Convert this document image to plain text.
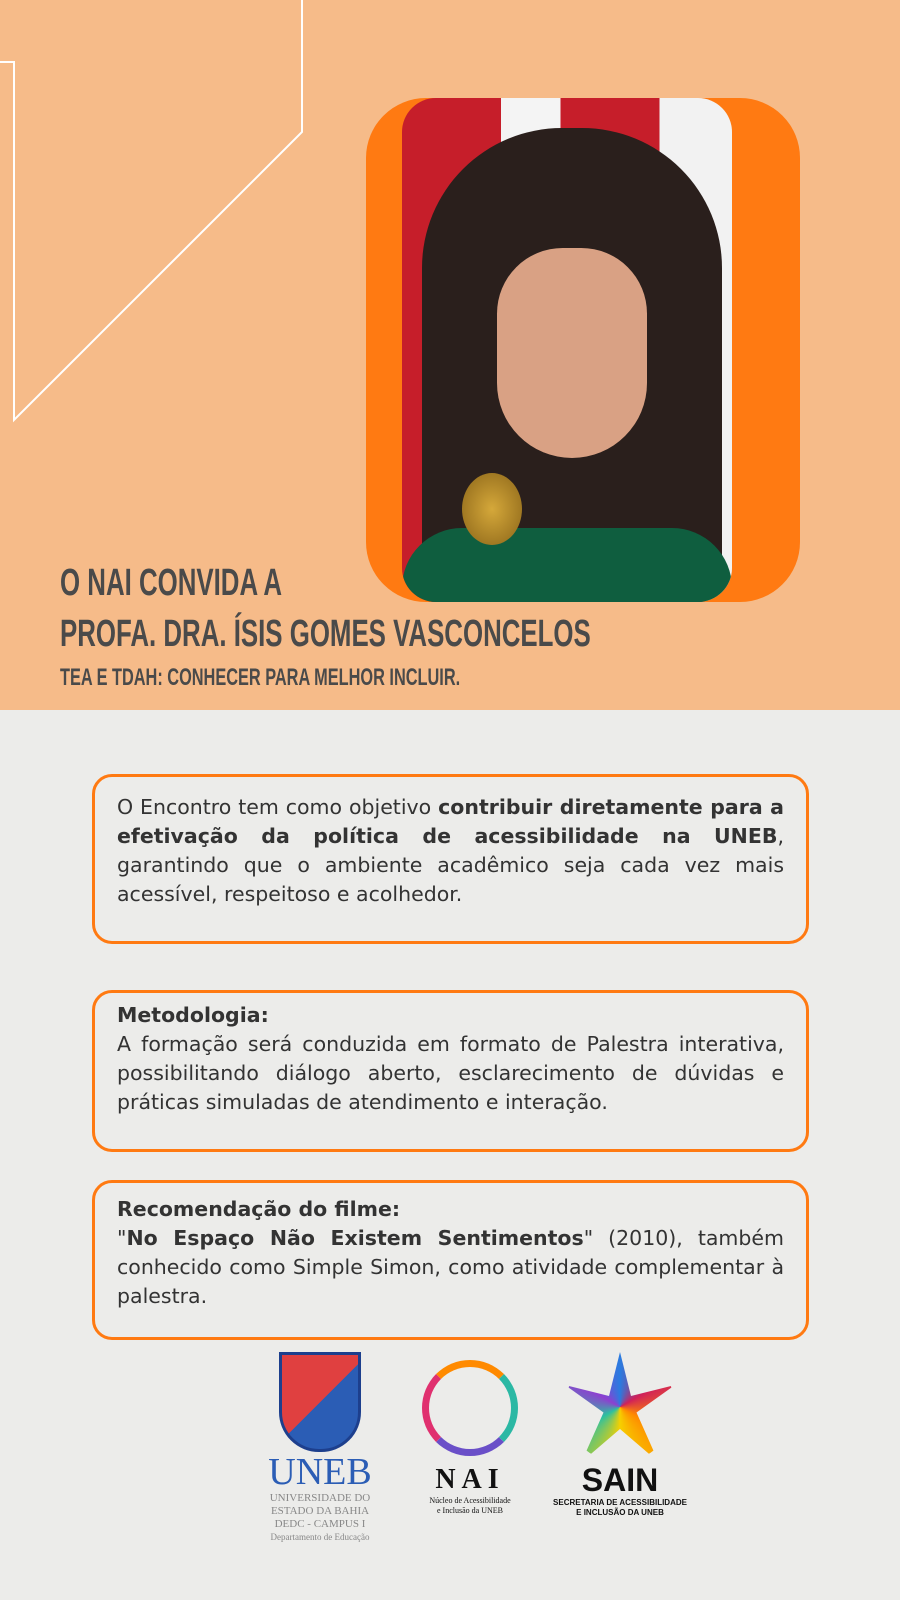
O NAI CONVIDA A
PROFA. DRA. ÍSIS GOMES VASCONCELOS
TEA E TDAH: CONHECER PARA MELHOR INCLUIR.
O Encontro tem como objetivo contribuir diretamente para a efetivação da política de acessibilidade na UNEB, garantindo que o ambiente acadêmico seja cada vez mais acessível, respeitoso e acolhedor.
Metodologia:
A formação será conduzida em formato de Palestra interativa, possibilitando diálogo aberto, esclarecimento de dúvidas e práticas simuladas de atendimento e interação.
Recomendação do filme:
"No Espaço Não Existem Sentimentos" (2010), também conhecido como Simple Simon, como atividade complementar à palestra.
UNEB
UNIVERSIDADE DO
ESTADO DA BAHIA
DEDC - CAMPUS I
Departamento de Educação
NAI
Núcleo de Acessibilidade
e Inclusão da UNEB
SAIN
SECRETARIA DE ACESSIBILIDADE
E INCLUSÃO DA UNEB
